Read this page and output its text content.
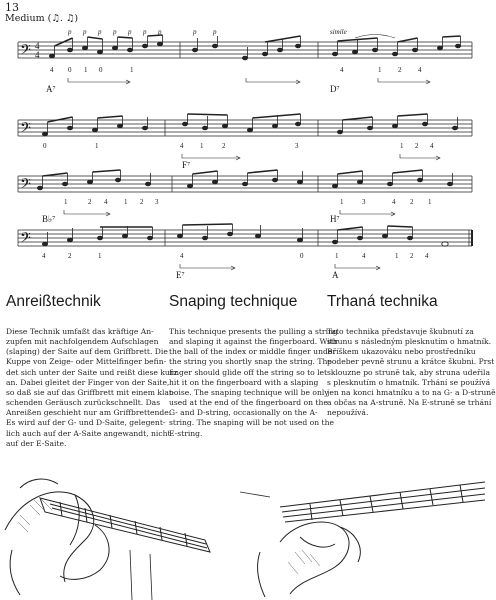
13
Medium (♫. ♫)
𝄢 4
4
p p p p p p p	p p	simile
4 0 1 0	1	4	1 2 4
A⁷	D⁷
𝄢
0	1	4 1	2	3	1 2 4
F⁷
𝄢
1	2 4 1 2 3	1	3	4 2 1
B♭⁷	H⁷
𝄢
4	2	1	4	0	1	4	1 2 4
E⁷	A
Anreißtechnik	Snaping technique Trhaná technika
Diese Technik umfaßt das kräftige An-
zupfen mit nachfolgendem Aufschlagen
(slaping) der Saite auf dem Griffbrett. Die
Kuppe von Zeige- oder Mittelfinger befin-
det sich unter der Saite und reißt diese kurz
an. Dabei gleitet der Finger von der Saite,
so daß sie auf das Griffbrett mit einem klat-
schenden Geräusch zurückschnellt. Das
Anreißen geschieht nur am Griffbrettende.
Es wird auf der G- und D-Saite, gelegent-
lich auch auf der A-Saite angewandt, nicht
auf der E-Saite.
This technique presents the pulling a string
and slaping it against the fingerboard. With
the ball of the index or middle finger under
the string you shortly snap the string. The
finger should glide off the string so to let
hit it on the fingerboard with a slaping
noise. The snaping technique will be only
used at the end of the fingerboard on the
G- and D-string, occasionally on the A-
string. The snaping will be not used on the
E-string.
Tato technika představuje škubnutí za
strunu s následným plesknutím o hmatník.
Bříškem ukazováku nebo prostředníku
podeber pevně strunu a krátce škubni. Prst
sklouzne po struně tak, aby struna udeřila
s plesknutím o hmatník. Trhání se používá
jen na konci hmatníku a to na G- a D-struně
a občas na A-struně. Na E-struně se trhání
nepoužívá.
